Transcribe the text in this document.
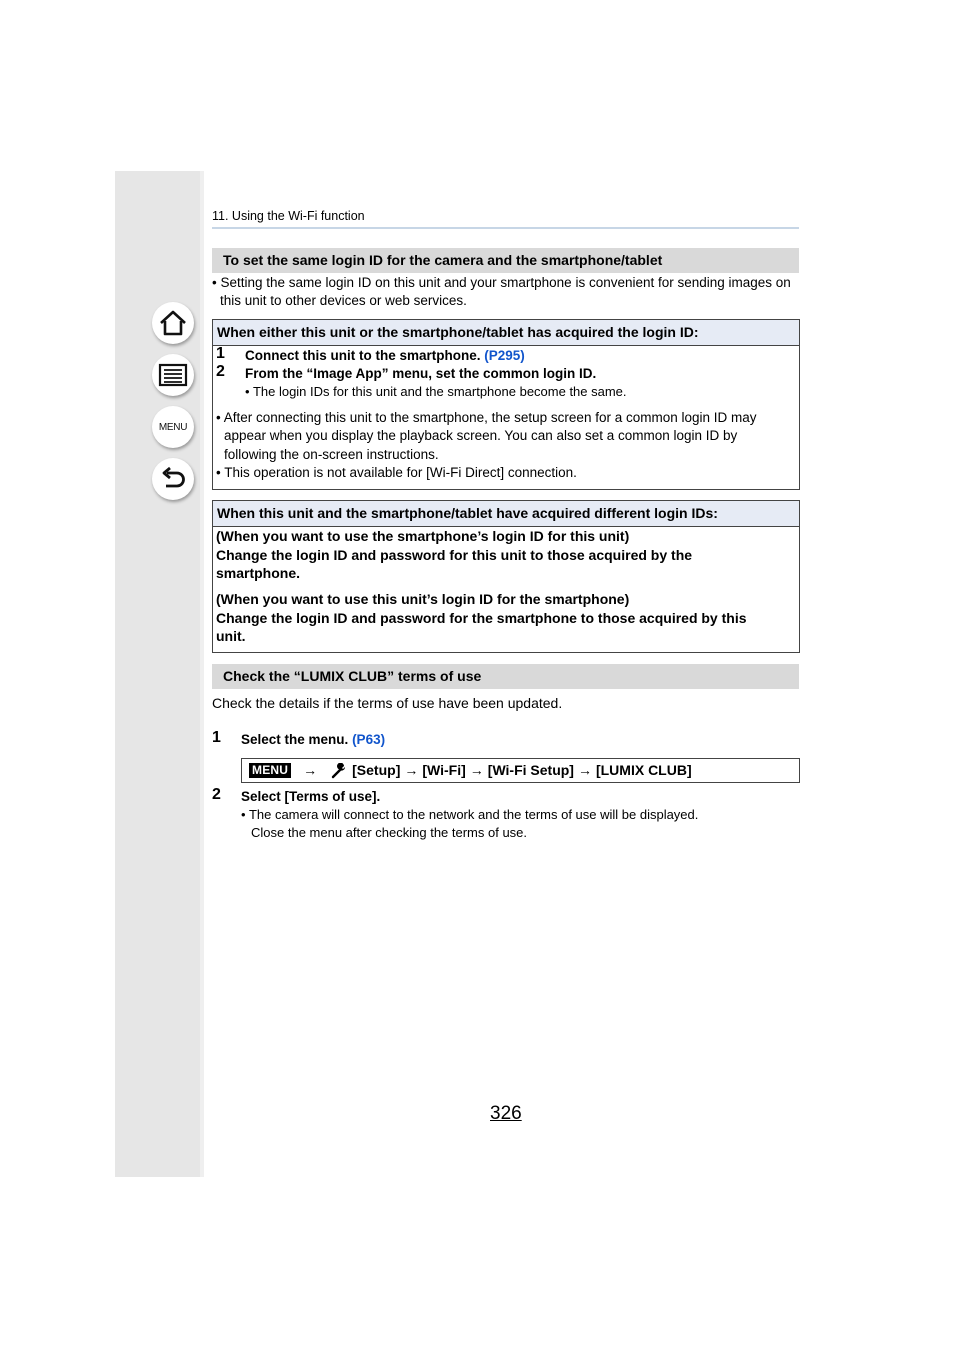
MENU
11. Using the Wi-Fi function
To set the same login ID for the camera and the smartphone/tablet
• Setting the same login ID on this unit and your smartphone is convenient for sending images on
this unit to other devices or web services.
When either this unit or the smartphone/tablet has acquired the login ID:
1 Connect this unit to the smartphone. (P295)
2 From the “Image App” menu, set the common login ID.
• The login IDs for this unit and the smartphone become the same.
• After connecting this unit to the smartphone, the setup screen for a common login ID may
appear when you display the playback screen. You can also set a common login ID by
following the on-screen instructions.
• This operation is not available for [Wi-Fi Direct] connection.
When this unit and the smartphone/tablet have acquired different login IDs:
(When you want to use the smartphone’s login ID for this unit)
Change the login ID and password for this unit to those acquired by the
smartphone.
(When you want to use this unit’s login ID for the smartphone)
Change the login ID and password for the smartphone to those acquired by this
unit.
Check the “LUMIX CLUB” terms of use
Check the details if the terms of use have been updated.
1 Select the menu. (P63)
MENU →	[Setup] → [Wi-Fi] → [Wi-Fi Setup] → [LUMIX CLUB]
2 Select [Terms of use].
• The camera will connect to the network and the terms of use will be displayed.
Close the menu after checking the terms of use.
326
